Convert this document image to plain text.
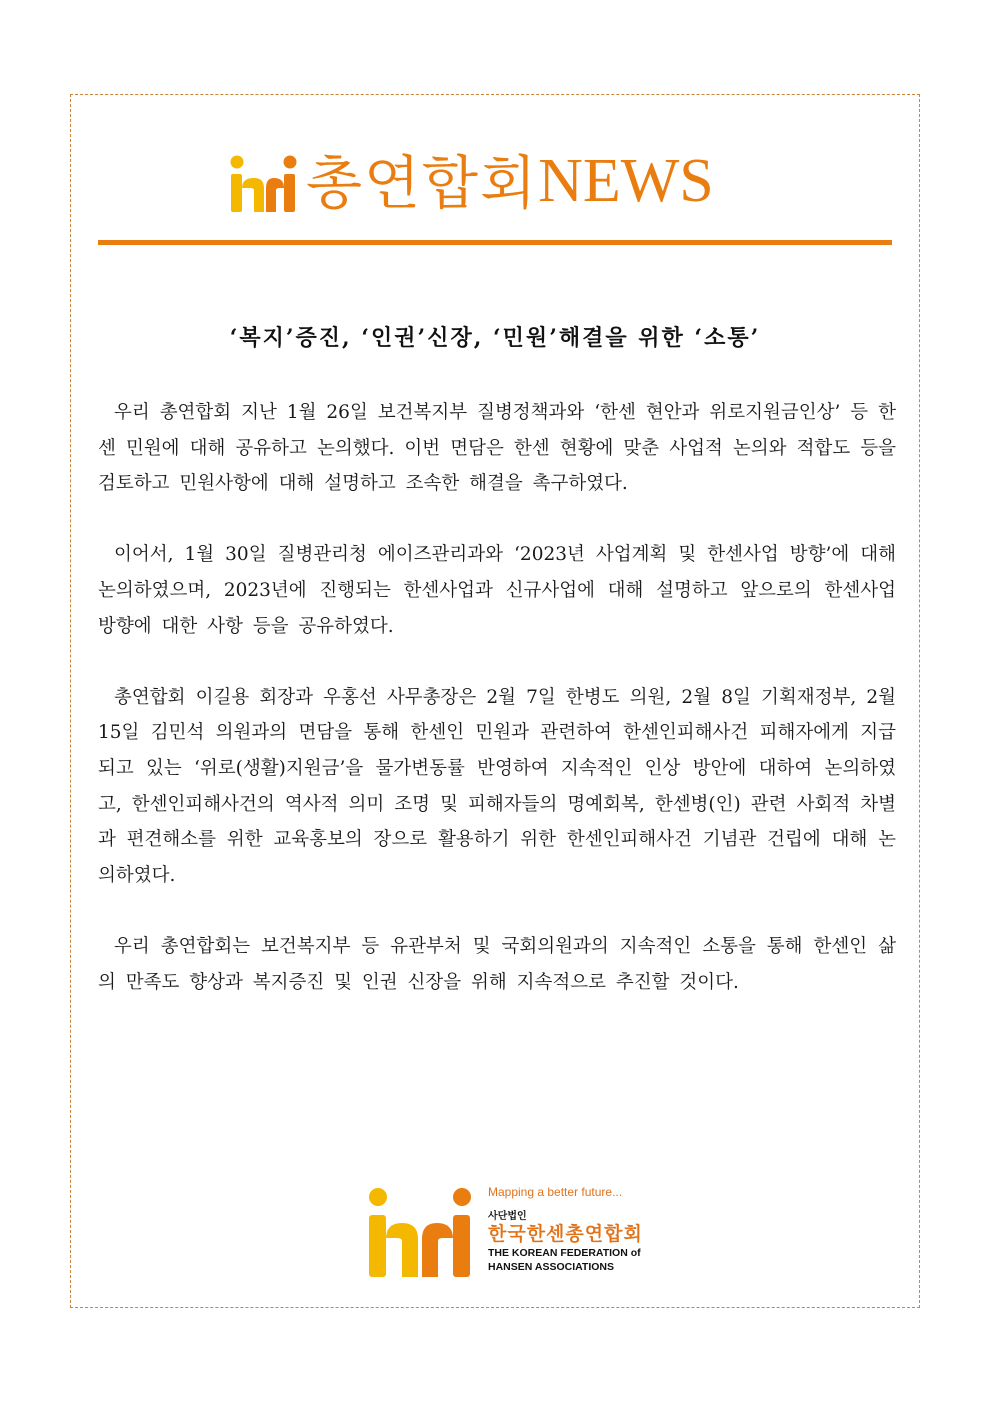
총연합회 NEWS
‘복지’증진, ‘인권’신장, ‘민원’해결을 위한 ‘소통’

우리 총연합회 지난 1월 26일 보건복지부 질병정책과와 ‘한센 현안과 위로지원금인상’ 등 한센 민원에 대해 공유하고 논의했다. 이번 면담은 한센 현황에 맞춘 사업적 논의와 적합도 등을 검토하고 민원사항에 대해 설명하고 조속한 해결을 촉구하였다.

이어서, 1월 30일 질병관리청 에이즈관리과와 ‘2023년 사업계획 및 한센사업 방향’에 대해 논의하였으며, 2023년에 진행되는 한센사업과 신규사업에 대해 설명하고 앞으로의 한센사업 방향에 대한 사항 등을 공유하였다.

총연합회 이길용 회장과 우홍선 사무총장은 2월 7일 한병도 의원, 2월 8일 기획재정부, 2월 15일 김민석 의원과의 면담을 통해 한센인 민원과 관련하여 한센인피해사건 피해자에게 지급되고 있는 ‘위로(생활)지원금’을 물가변동률 반영하여 지속적인 인상 방안에 대하여 논의하였고, 한센인피해사건의 역사적 의미 조명 및 피해자들의 명예회복, 한센병(인) 관련 사회적 차별과 편견해소를 위한 교육홍보의 장으로 활용하기 위한 한센인피해사건 기념관 건립에 대해 논의하였다.

우리 총연합회는 보건복지부 등 유관부처 및 국회의원과의 지속적인 소통을 통해 한센인 삶의 만족도 향상과 복지증진 및 인권 신장을 위해 지속적으로 추진할 것이다.

Mapping a better future...
사단법인
한국한센총연합회
THE KOREAN FEDERATION of
HANSEN ASSOCIATIONS
